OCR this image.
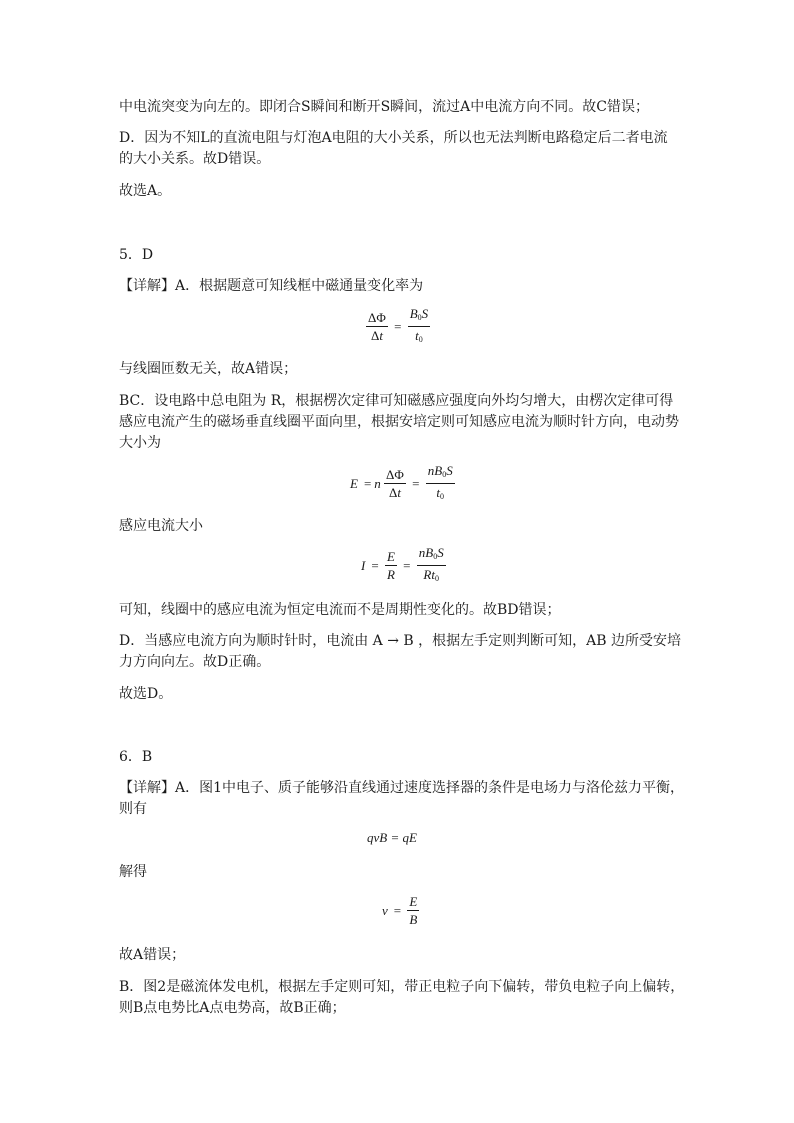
中电流突变为向左的。即闭合S瞬间和断开S瞬间，流过A中电流方向不同。故C错误；
D．因为不知L的直流电阻与灯泡A电阻的大小关系，所以也无法判断电路稳定后二者电流
的大小关系。故D错误。
故选A。
5．D
【详解】A．根据题意可知线框中磁通量变化率为
$\frac{\Delta\Phi}{\Delta t} = \frac{B_0S}{t_0}$
与线圈匝数无关，故A错误；
BC．设电路中总电阻为 R，根据楞次定律可知磁感应强度向外均匀增大，由楞次定律可得
感应电流产生的磁场垂直线圈平面向里，根据安培定则可知感应电流为顺时针方向，电动势
大小为
E = n $\frac{\Delta\Phi}{\Delta t} = \frac{nB_0S}{t_0}$
感应电流大小
$I = \frac{E}{R} = \frac{nB_0S}{Rt_0}$
可知，线圈中的感应电流为恒定电流而不是周期性变化的。故BD错误；
D．当感应电流方向为顺时针时，电流由 A → B ，根据左手定则判断可知，AB 边所受安培
力方向向左。故D正确。
故选D。
6．B
【详解】A．图1中电子、质子能够沿直线通过速度选择器的条件是电场力与洛伦兹力平衡，
则有
qvB = qE
解得
$v = \frac{E}{B}$
故A错误；
B．图2是磁流体发电机，根据左手定则可知，带正电粒子向下偏转，带负电粒子向上偏转，
则B点电势比A点电势高，故B正确；
